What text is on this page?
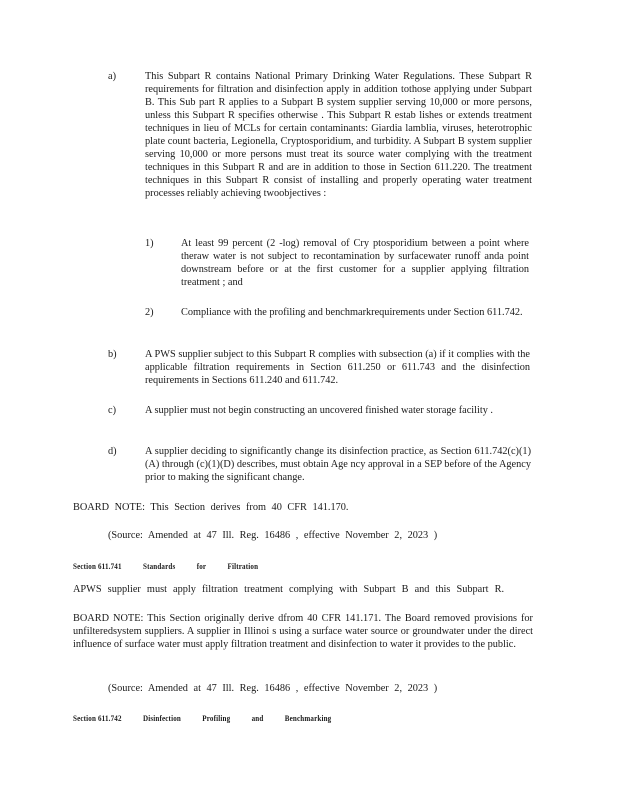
a)	This Subpart R contains National Primary Drinking Water Regulations. These Subpart R requirements for filtration and disinfection apply in addition tothose applying under Subpart B. This Sub part R applies to a Subpart B system supplier serving 10,000 or more persons, unless this Subpart R specifies otherwise . This Subpart R estab lishes or extends treatment techniques in lieu of MCLs for certain contaminants: Giardia lamblia, viruses, heterotrophic plate count bacteria, Legionella, Cryptosporidium, and turbidity. A Subpart B system supplier serving 10,000 or more persons must treat its source water complying with the treatment techniques in this Subpart R and are in addition to those in Section 611.220. The treatment techniques in this Subpart R consist of installing and properly operating water treatment processes reliably achieving twoobjectives :
1)	At least 99 percent (2 -log) removal of Cry ptosporidium between a point where theraw water is not subject to recontamination by surfacewater runoff anda point downstream before or at the first customer for a supplier applying filtration treatment ; and
2)	Compliance with the profiling and benchmarkrequirements under Section 611.742.
b)	A PWS supplier subject to this Subpart R complies with subsection (a) if it complies with the applicable filtration requirements in Section 611.250 or 611.743 and the disinfection requirements in Sections 611.240 and 611.742.
c)	A supplier must not begin constructing an uncovered finished water storage facility .
d)	A supplier deciding to significantly change its disinfection practice, as Section 611.742(c)(1)(A) through (c)(1)(D) describes, must obtain Age ncy approval in a SEP before of the Agency prior to making the significant change.
BOARD NOTE: This Section derives from 40 CFR 141.170.
(Source: Amended at 47 Ill. Reg. 16486 , effective November 2, 2023 )
Section 611.741 Standards for Filtration
APWS supplier must apply filtration treatment complying with Subpart B and this Subpart R.
BOARD NOTE: This Section originally derive dfrom 40 CFR 141.171. The Board removed provisions for unfilteredsystem suppliers. A supplier in Illinoi s using a surface water source or groundwater under the direct influence of surface water must apply filtration treatment and disinfection to water it provides to the public.
(Source: Amended at 47 Ill. Reg. 16486 , effective November 2, 2023 )
Section 611.742 Disinfection Profiling and Benchmarking
